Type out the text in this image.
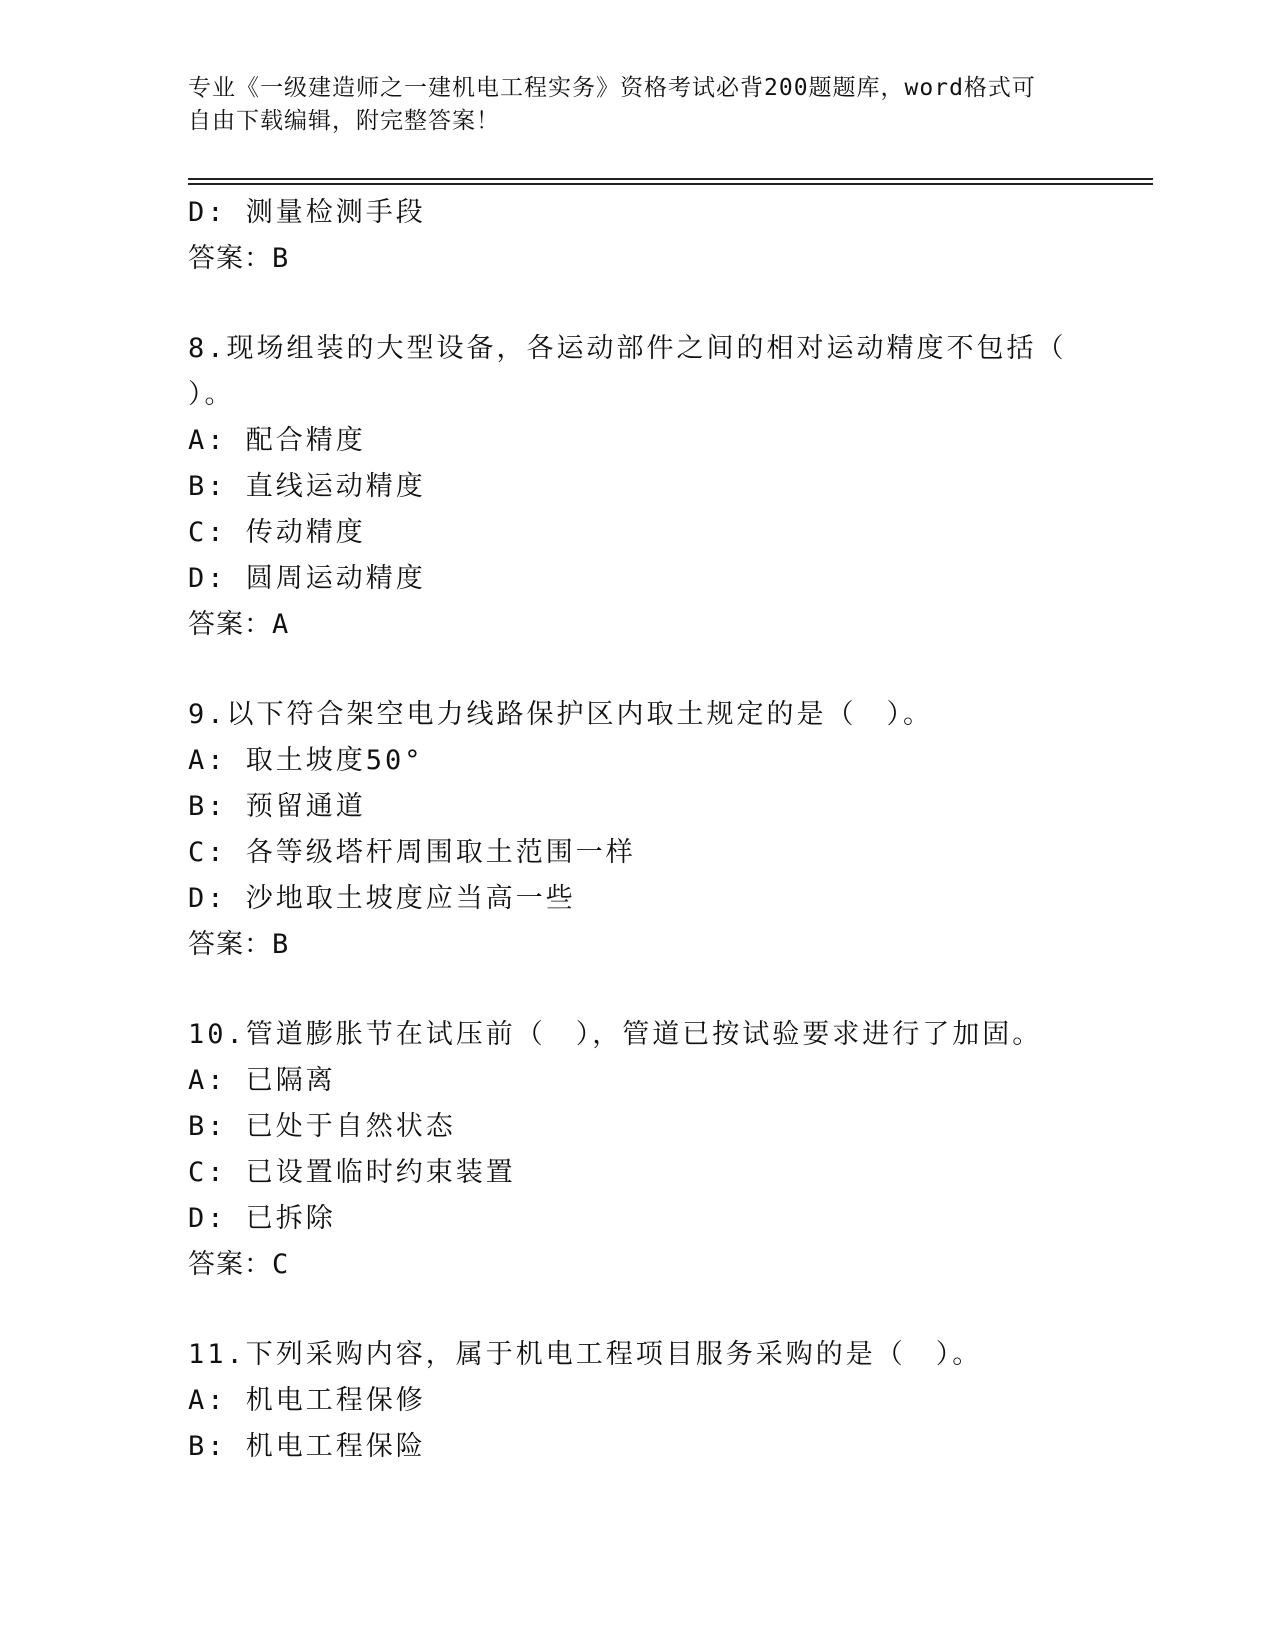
专业《一级建造师之一建机电工程实务》资格考试必背200题题库，word格式可
自由下载编辑，附完整答案！
D: 测量检测手段
答案：B
8.现场组装的大型设备，各运动部件之间的相对运动精度不包括（
）。
A: 配合精度
B: 直线运动精度
C: 传动精度
D: 圆周运动精度
答案：A
9.以下符合架空电力线路保护区内取土规定的是（　）。
A: 取土坡度50°
B: 预留通道
C: 各等级塔杆周围取土范围一样
D: 沙地取土坡度应当高一些
答案：B
10.管道膨胀节在试压前（　），管道已按试验要求进行了加固。
A: 已隔离
B: 已处于自然状态
C: 已设置临时约束装置
D: 已拆除
答案：C
11.下列采购内容，属于机电工程项目服务采购的是（　）。
A: 机电工程保修
B: 机电工程保险
